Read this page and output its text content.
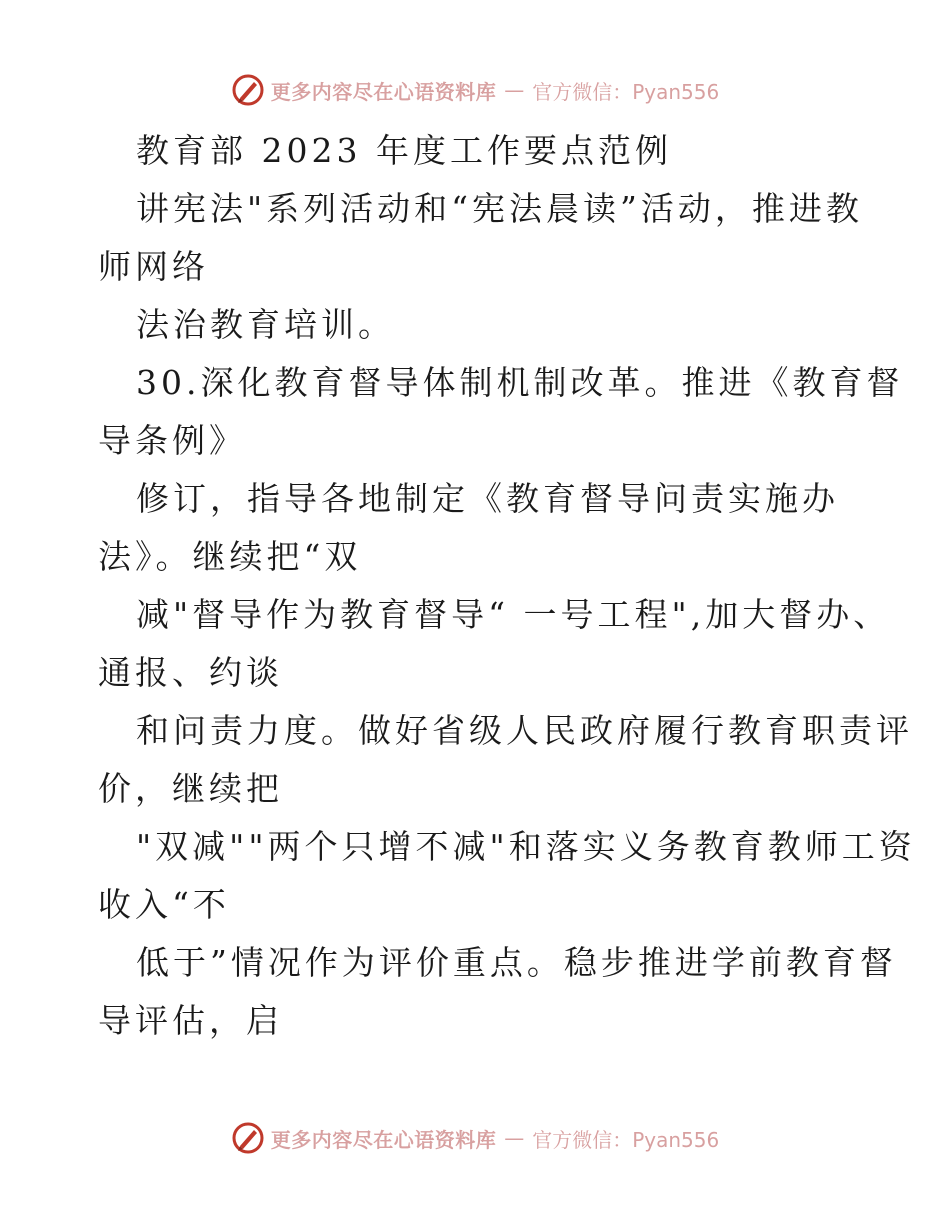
更多内容尽在心语资料库 — 官方微信：Pyan556
教育部 2023 年度工作要点范例
讲宪法"系列活动和“宪法晨读”活动，推进教
师网络
法治教育培训。
30.深化教育督导体制机制改革。推进《教育督
导条例》
修订，指导各地制定《教育督导问责实施办
法》。继续把“双
减"督导作为教育督导“ 一号工程",加大督办、
通报、约谈
和问责力度。做好省级人民政府履行教育职责评
价，继续把
"双减""两个只增不减"和落实义务教育教师工资
收入“不
低于”情况作为评价重点。稳步推进学前教育督
导评估，启
更多内容尽在心语资料库 — 官方微信：Pyan556
